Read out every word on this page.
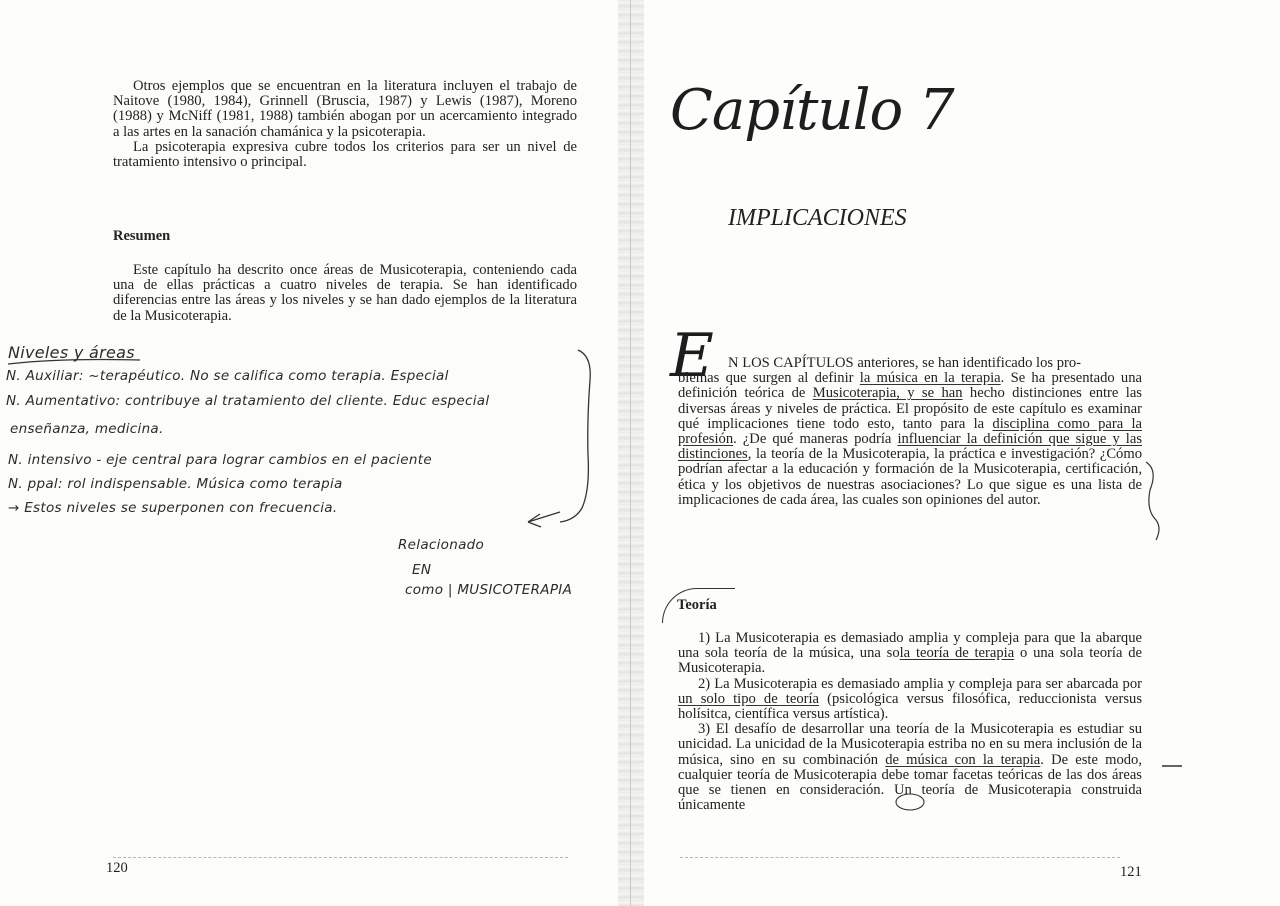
Otros ejemplos que se encuentran en la literatura incluyen el trabajo de Naitove (1980, 1984), Grinnell (Bruscia, 1987) y Lewis (1987), Moreno (1988) y McNiff (1981, 1988) también abogan por un acercamiento integrado a las artes en la sanación chamánica y la psicoterapia.

La psicoterapia expresiva cubre todos los criterios para ser un nivel de tratamiento intensivo o principal.

Resumen

Este capítulo ha descrito once áreas de Musicoterapia, conteniendo cada una de ellas prácticas a cuatro niveles de terapia. Se han identificado diferencias entre las áreas y los niveles y se han dado ejemplos de la literatura de la Musicoterapia.

Niveles y áreas
N. Auxiliar: ~terapéutico. No se califica como terapia. Especial
N. Aumentativo: contribuye al tratamiento del cliente. Educ especial
enseñanza, medicina.
N. intensivo - eje central para lograr cambios en el paciente
N. ppal: rol indispensable. Música como terapia
→ Estos niveles se superponen con frecuencia.
Relacionado
EN
como | MUSICOTERAPIA
120
Capítulo 7
IMPLICACIONES
E N LOS CAPÍTULOS anteriores, se han identificado los pro-

blemas que surgen al definir la música en la terapia. Se ha presentado una definición teórica de Musicoterapia, y se han hecho distinciones entre las diversas áreas y niveles de práctica. El propósito de este capítulo es examinar qué implicaciones tiene todo esto, tanto para la disciplina como para la profesión. ¿De qué maneras podría influenciar la definición que sigue y las distinciones, la teoría de la Musicoterapia, la práctica e investigación? ¿Cómo podrían afectar a la educación y formación de la Musicoterapia, certificación, ética y los objetivos de nuestras asociaciones? Lo que sigue es una lista de implicaciones de cada área, las cuales son opiniones del autor.

Teoría

1) La Musicoterapia es demasiado amplia y compleja para que la abarque una sola teoría de la música, una sola teoría de terapia o una sola teoría de Musicoterapia.

2) La Musicoterapia es demasiado amplia y compleja para ser abarcada por un solo tipo de teoría (psicológica versus filosófica, reduccionista versus holísitca, científica versus artística).

3) El desafío de desarrollar una teoría de la Musicoterapia es estudiar su unicidad. La unicidad de la Musicoterapia estriba no en su mera inclusión de la música, sino en su combinación de música con la terapia. De este modo, cualquier teoría de Musicoterapia debe tomar facetas teóricas de las dos áreas que se tienen en consideración. Un teoría de Musicoterapia construida únicamente

121
